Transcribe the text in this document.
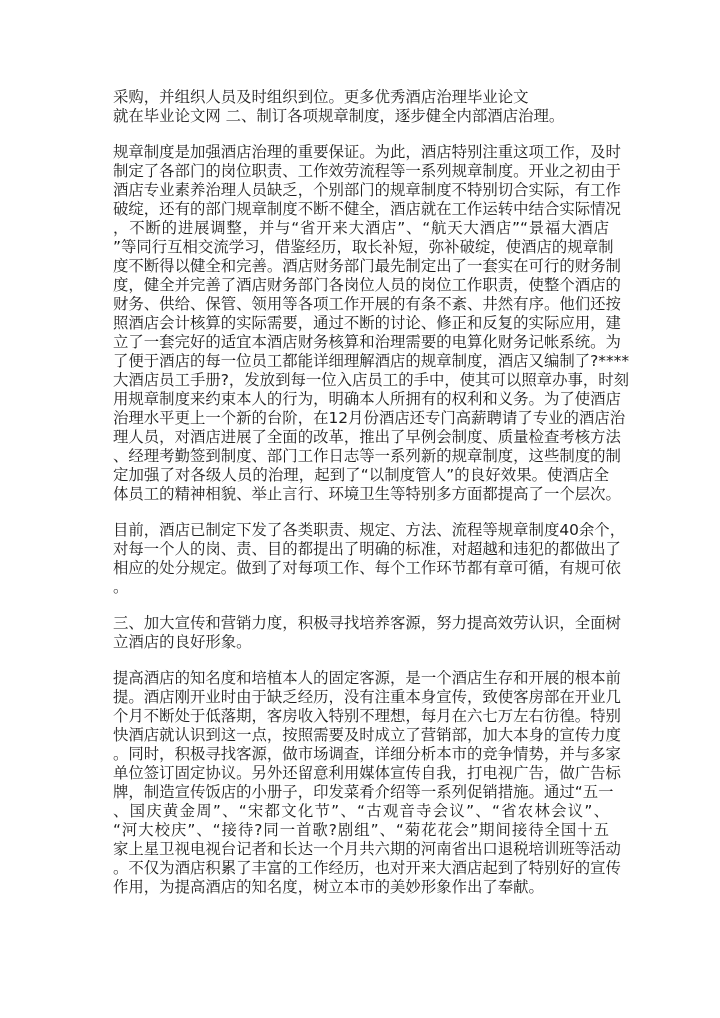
采购，并组织人员及时组织到位。更多优秀酒店治理毕业论文
就在毕业论文网 二、制订各项规章制度，逐步健全内部酒店治理。
规章制度是加强酒店治理的重要保证。为此，酒店特别注重这项工作，及时
制定了各部门的岗位职责、工作效劳流程等一系列规章制度。开业之初由于
酒店专业素养治理人员缺乏，个别部门的规章制度不特别切合实际，有工作
破绽，还有的部门规章制度不断不健全，酒店就在工作运转中结合实际情况
，不断的进展调整，并与“省开来大酒店”、“航天大酒店”“景福大酒店
”等同行互相交流学习，借鉴经历，取长补短，弥补破绽，使酒店的规章制
度不断得以健全和完善。酒店财务部门最先制定出了一套实在可行的财务制
度，健全并完善了酒店财务部门各岗位人员的岗位工作职责，使整个酒店的
财务、供给、保管、领用等各项工作开展的有条不紊、井然有序。他们还按
照酒店会计核算的实际需要，通过不断的讨论、修正和反复的实际应用，建
立了一套完好的适宜本酒店财务核算和治理需要的电算化财务记帐系统。为
了便于酒店的每一位员工都能详细理解酒店的规章制度，酒店又编制了?****
大酒店员工手册?，发放到每一位入店员工的手中，使其可以照章办事，时刻
用规章制度来约束本人的行为，明确本人所拥有的权利和义务。为了使酒店
治理水平更上一个新的台阶，在12月份酒店还专门高薪聘请了专业的酒店治
理人员，对酒店进展了全面的改革，推出了早例会制度、质量检查考核方法
、经理考勤签到制度、部门工作日志等一系列新的规章制度，这些制度的制
定加强了对各级人员的治理，起到了“以制度管人”的良好效果。使酒店全
体员工的精神相貌、举止言行、环境卫生等特别多方面都提高了一个层次。
目前，酒店已制定下发了各类职责、规定、方法、流程等规章制度40余个，
对每一个人的岗、责、目的都提出了明确的标准，对超越和违犯的都做出了
相应的处分规定。做到了对每项工作、每个工作环节都有章可循，有规可依
。
三、加大宣传和营销力度，积极寻找培养客源，努力提高效劳认识，全面树
立酒店的良好形象。
提高酒店的知名度和培植本人的固定客源，是一个酒店生存和开展的根本前
提。酒店刚开业时由于缺乏经历，没有注重本身宣传，致使客房部在开业几
个月不断处于低落期，客房收入特别不理想，每月在六七万左右彷徨。特别
快酒店就认识到这一点，按照需要及时成立了营销部，加大本身的宣传力度
。同时，积极寻找客源，做市场调查，详细分析本市的竞争情势，并与多家
单位签订固定协议。另外还留意利用媒体宣传自我，打电视广告，做广告标
牌，制造宣传饭店的小册子，印发菜肴介绍等一系列促销措施。通过“五一
、国庆黄金周”、“宋都文化节”、“古观音寺会议”、“省农林会议”、
“河大校庆”、“接待?同一首歌?剧组”、“菊花花会”期间接待全国十五
家上星卫视电视台记者和长达一个月共六期的河南省出口退税培训班等活动
。不仅为酒店积累了丰富的工作经历，也对开来大酒店起到了特别好的宣传
作用，为提高酒店的知名度，树立本市的美妙形象作出了奉献。
